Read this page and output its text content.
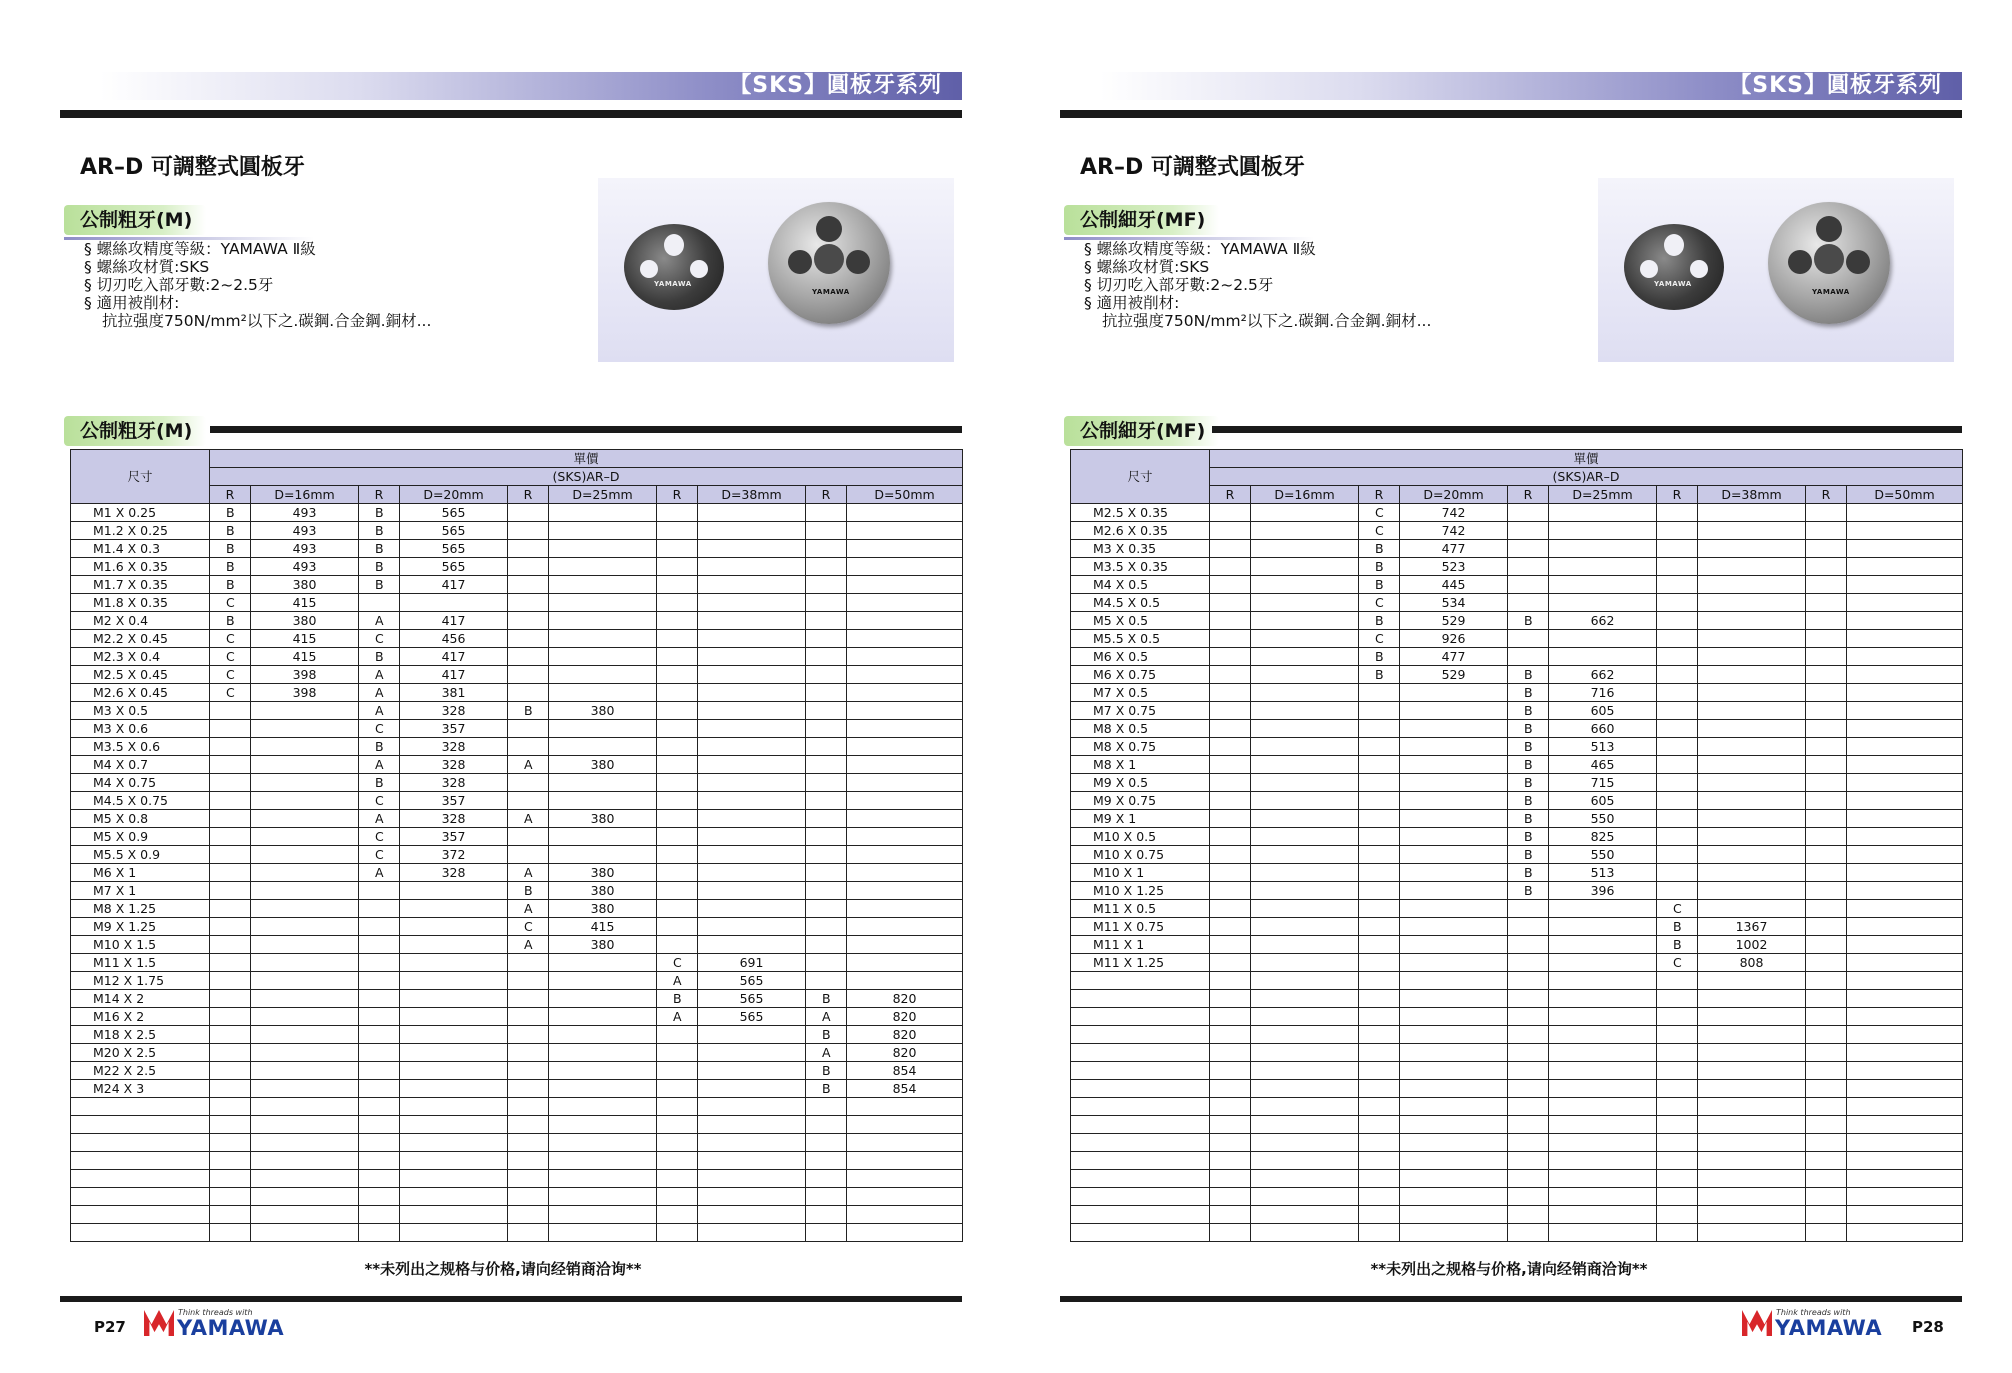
【SKS】圓板牙系列
AR–D 可調整式圓板牙
公制粗牙(M)
§ 螺絲攻精度等級：YAMAWA Ⅱ級
§ 螺絲攻材質:SKS
§ 切刃吃入部牙數:2~2.5牙
§ 適用被削材:
抗拉强度750N/mm²以下之.碳鋼.合金鋼.銅材...
YAMAWA
YAMAWA
公制粗牙(M)
尺寸	單價									
	(SKS)AR–D									
	R	D=16mm	R	D=20mm	R	D=25mm	R	D=38mm	R	D=50mm
M1 X 0.25	B	493	B	565						
M1.2 X 0.25	B	493	B	565						
M1.4 X 0.3	B	493	B	565						
M1.6 X 0.35	B	493	B	565						
M1.7 X 0.35	B	380	B	417						
M1.8 X 0.35	C	415								
M2 X 0.4	B	380	A	417						
M2.2 X 0.45	C	415	C	456						
M2.3 X 0.4	C	415	B	417						
M2.5 X 0.45	C	398	A	417						
M2.6 X 0.45	C	398	A	381						
M3 X 0.5			A	328	B	380				
M3 X 0.6			C	357						
M3.5 X 0.6			B	328						
M4 X 0.7			A	328	A	380				
M4 X 0.75			B	328						
M4.5 X 0.75			C	357						
M5 X 0.8			A	328	A	380				
M5 X 0.9			C	357						
M5.5 X 0.9			C	372						
M6 X 1			A	328	A	380				
M7 X 1					B	380				
M8 X 1.25					A	380				
M9 X 1.25					C	415				
M10 X 1.5					A	380				
M11 X 1.5							C	691		
M12 X 1.75							A	565		
M14 X 2							B	565	B	820
M16 X 2							A	565	A	820
M18 X 2.5									B	820
M20 X 2.5									A	820
M22 X 2.5									B	854
M24 X 3									B	854

**未列出之规格与价格,请向经销商洽询**
P27
Think threads with
YAMAWA
【SKS】圓板牙系列
AR–D 可調整式圓板牙
公制細牙(MF)
§ 螺絲攻精度等級：YAMAWA Ⅱ級
§ 螺絲攻材質:SKS
§ 切刃吃入部牙數:2~2.5牙
§ 適用被削材:
抗拉强度750N/mm²以下之.碳鋼.合金鋼.銅材...
YAMAWA
YAMAWA
公制細牙(MF)
尺寸	單價									
	(SKS)AR–D									
	R	D=16mm	R	D=20mm	R	D=25mm	R	D=38mm	R	D=50mm
M2.5 X 0.35			C	742						
M2.6 X 0.35			C	742						
M3 X 0.35			B	477						
M3.5 X 0.35			B	523						
M4 X 0.5			B	445						
M4.5 X 0.5			C	534						
M5 X 0.5			B	529	B	662				
M5.5 X 0.5			C	926						
M6 X 0.5			B	477						
M6 X 0.75			B	529	B	662				
M7 X 0.5					B	716				
M7 X 0.75					B	605				
M8 X 0.5					B	660				
M8 X 0.75					B	513				
M8 X 1					B	465				
M9 X 0.5					B	715				
M9 X 0.75					B	605				
M9 X 1					B	550				
M10 X 0.5					B	825				
M10 X 0.75					B	550				
M10 X 1					B	513				
M10 X 1.25					B	396				
M11 X 0.5							C			
M11 X 0.75							B	1367		
M11 X 1							B	1002		
M11 X 1.25							C	808		

**未列出之规格与价格,请向经销商洽询**
Think threads with
YAMAWA P28
